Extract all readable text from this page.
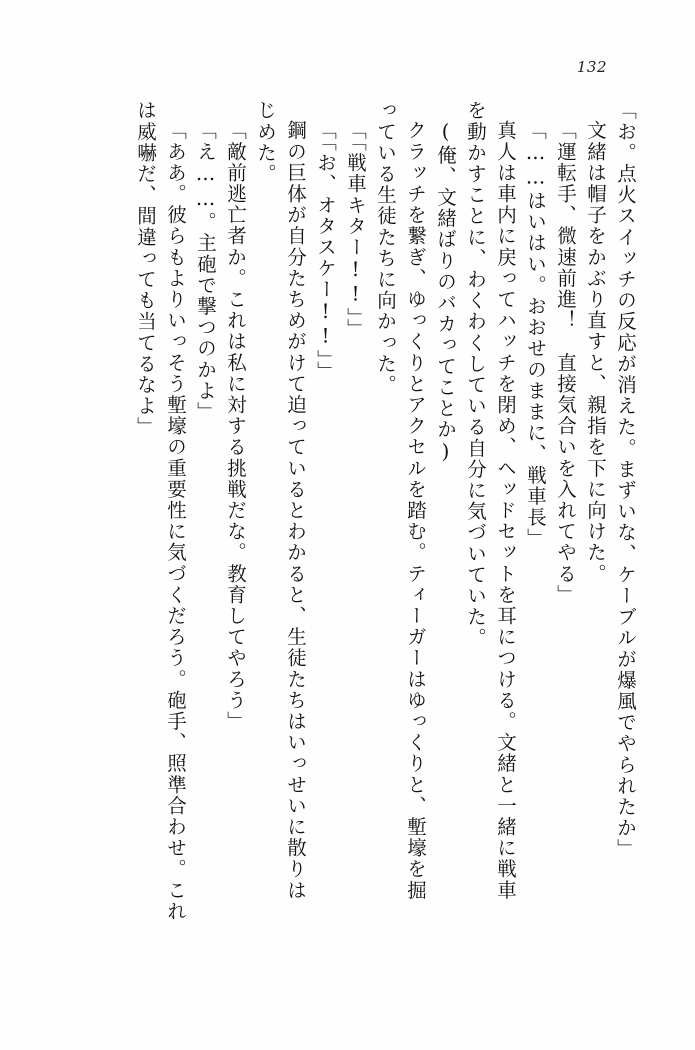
132
「お。点火スイッチの反応が消えた。まずいな、ケーブルが爆風でやられたか」
文緒は帽子をかぶり直すと、親指を下に向けた。
「運転手、微速前進！　直接気合いを入れてやる」
「……はいはい。おおせのままに、戦車長」
真人は車内に戻ってハッチを閉め、ヘッドセットを耳につける。文緒と一緒に戦車
を動かすことに、わくわくしている自分に気づいていた。
(俺、文緒ばりのバカってことか)
クラッチを繋ぎ、ゆっくりとアクセルを踏む。ティーガーはゆっくりと、塹壕を掘
っている生徒たちに向かった。
「「戦車キター!!」」
「「お、オタスケー!!」」
鋼の巨体が自分たちめがけて迫っているとわかると、生徒たちはいっせいに散りは
じめた。
「敵前逃亡者か。これは私に対する挑戦だな。教育してやろう」
「え……。主砲で撃つのかよ」
「ああ。彼らもよりいっそう塹壕の重要性に気づくだろう。砲手、照準合わせ。これ
は威嚇だ、間違っても当てるなよ」
